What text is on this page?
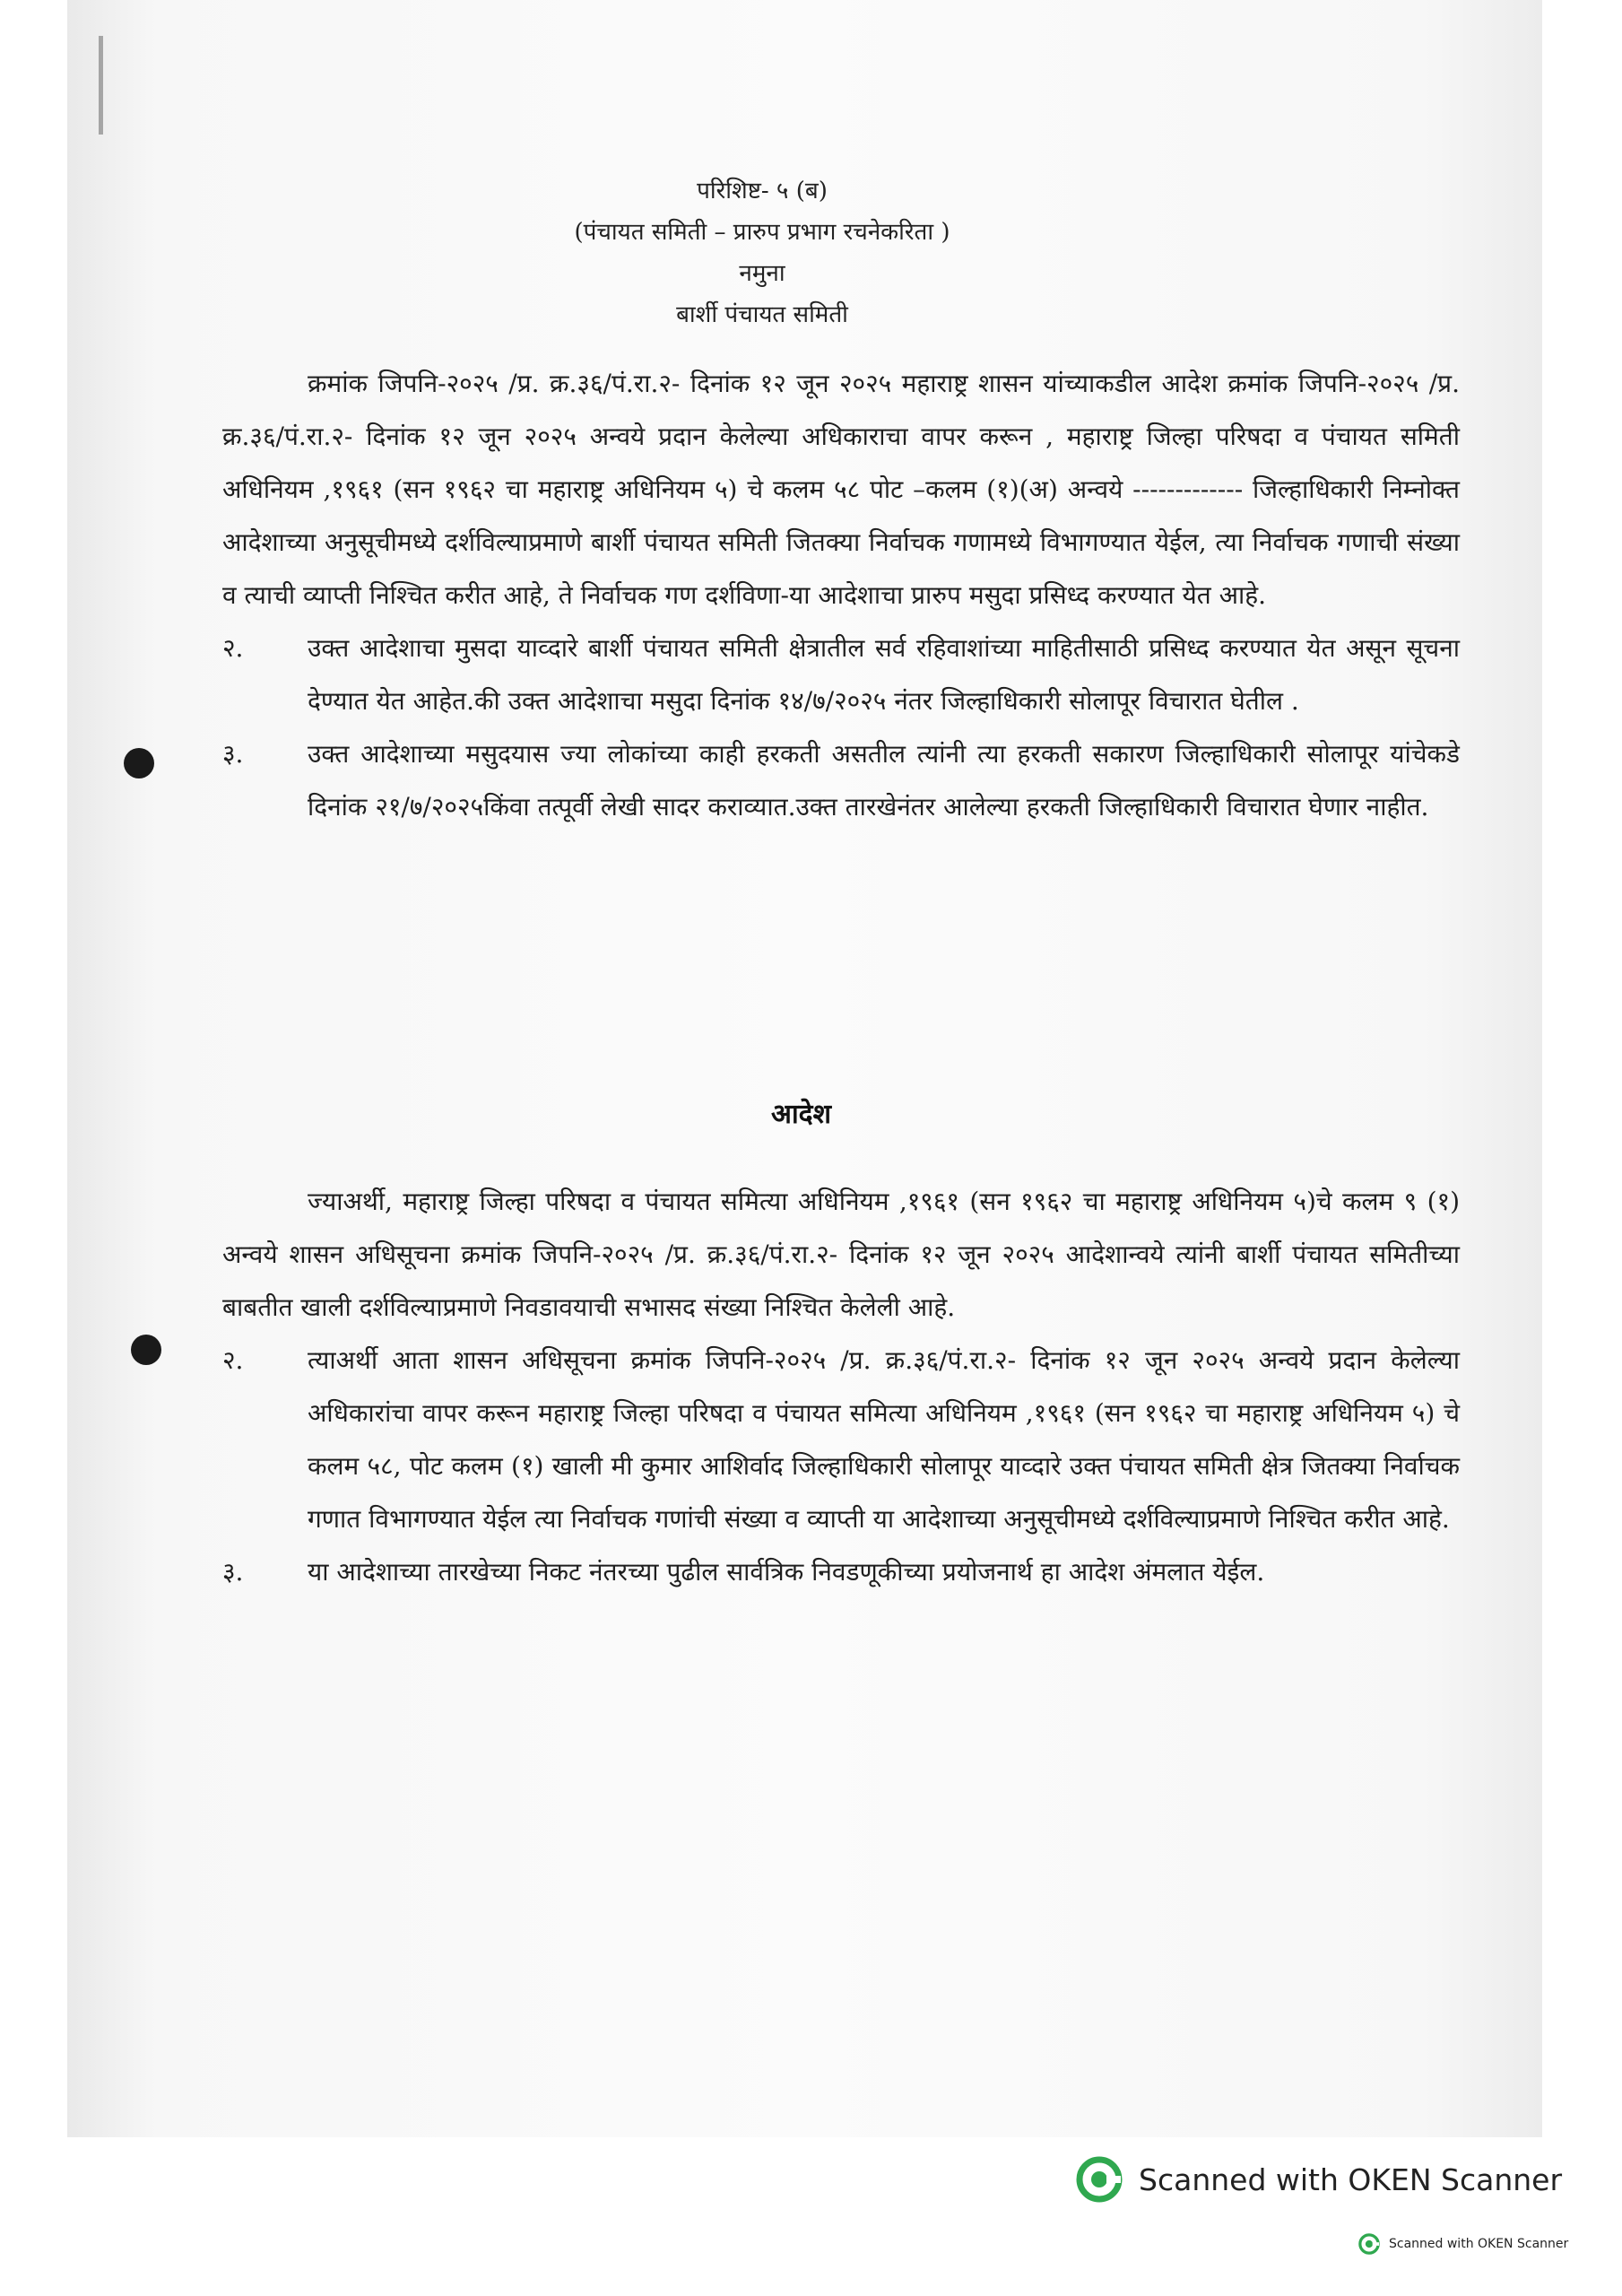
परिशिष्ट- ५ (ब)
(पंचायत समिती – प्रारुप प्रभाग रचनेकरिता )
नमुना
बार्शी पंचायत समिती

क्रमांक जिपनि-२०२५ /प्र. क्र.३६/पं.रा.२- दिनांक १२ जून २०२५ महाराष्ट्र शासन यांच्याकडील आदेश क्रमांक जिपनि-२०२५ /प्र. क्र.३६/पं.रा.२- दिनांक १२ जून २०२५ अन्वये प्रदान केलेल्या अधिकाराचा वापर करून , महाराष्ट्र जिल्हा परिषदा व पंचायत समिती अधिनियम ,१९६१ (सन १९६२ चा महाराष्ट्र अधिनियम ५) चे कलम ५८ पोट –कलम (१)(अ) अन्वये ------------- जिल्हाधिकारी निम्नोक्त आदेशाच्या अनुसूचीमध्ये दर्शविल्याप्रमाणे बार्शी पंचायत समिती जितक्या निर्वाचक गणामध्ये विभागण्यात येईल, त्या निर्वाचक गणाची संख्या व त्याची व्याप्ती निश्चित करीत आहे, ते निर्वाचक गण दर्शविणा-या आदेशाचा प्रारुप मसुदा प्रसिध्द करण्यात येत आहे.

२.	उक्त आदेशाचा मुसदा याव्दारे बार्शी पंचायत समिती क्षेत्रातील सर्व रहिवाशांच्या माहितीसाठी प्रसिध्द करण्यात येत असून सूचना देण्यात येत आहेत.की उक्त आदेशाचा मसुदा दिनांक १४/७/२०२५ नंतर जिल्हाधिकारी सोलापूर विचारात घेतील .
३.	उक्त आदेशाच्या मसुदयास ज्या लोकांच्या काही हरकती असतील त्यांनी त्या हरकती सकारण जिल्हाधिकारी सोलापूर यांचेकडे दिनांक २१/७/२०२५किंवा तत्पूर्वी लेखी सादर कराव्यात.उक्त तारखेनंतर आलेल्या हरकती जिल्हाधिकारी विचारात घेणार नाहीत.
आदेश

ज्याअर्थी, महाराष्ट्र जिल्हा परिषदा व पंचायत समित्या अधिनियम ,१९६१ (सन १९६२ चा महाराष्ट्र अधिनियम ५)चे कलम ९ (१) अन्वये शासन अधिसूचना क्रमांक जिपनि-२०२५ /प्र. क्र.३६/पं.रा.२- दिनांक १२ जून २०२५ आदेशान्वये त्यांनी बार्शी पंचायत समितीच्या बाबतीत खाली दर्शविल्याप्रमाणे निवडावयाची सभासद संख्या निश्चित केलेली आहे.

२.	त्याअर्थी आता शासन अधिसूचना क्रमांक जिपनि-२०२५ /प्र. क्र.३६/पं.रा.२- दिनांक १२ जून २०२५ अन्वये प्रदान केलेल्या अधिकारांचा वापर करून महाराष्ट्र जिल्हा परिषदा व पंचायत समित्या अधिनियम ,१९६१ (सन १९६२ चा महाराष्ट्र अधिनियम ५) चे कलम ५८, पोट कलम (१) खाली मी कुमार आशिर्वाद जिल्हाधिकारी सोलापूर याव्दारे उक्त पंचायत समिती क्षेत्र जितक्या निर्वाचक गणात विभागण्यात येईल त्या निर्वाचक गणांची संख्या व व्याप्ती या आदेशाच्या अनुसूचीमध्ये दर्शविल्याप्रमाणे निश्चित करीत आहे.
३.	या आदेशाच्या तारखेच्या निकट नंतरच्या पुढील सार्वत्रिक निवडणूकीच्या प्रयोजनार्थ हा आदेश अंमलात येईल.
Scanned with OKEN Scanner
Scanned with OKEN Scanner
